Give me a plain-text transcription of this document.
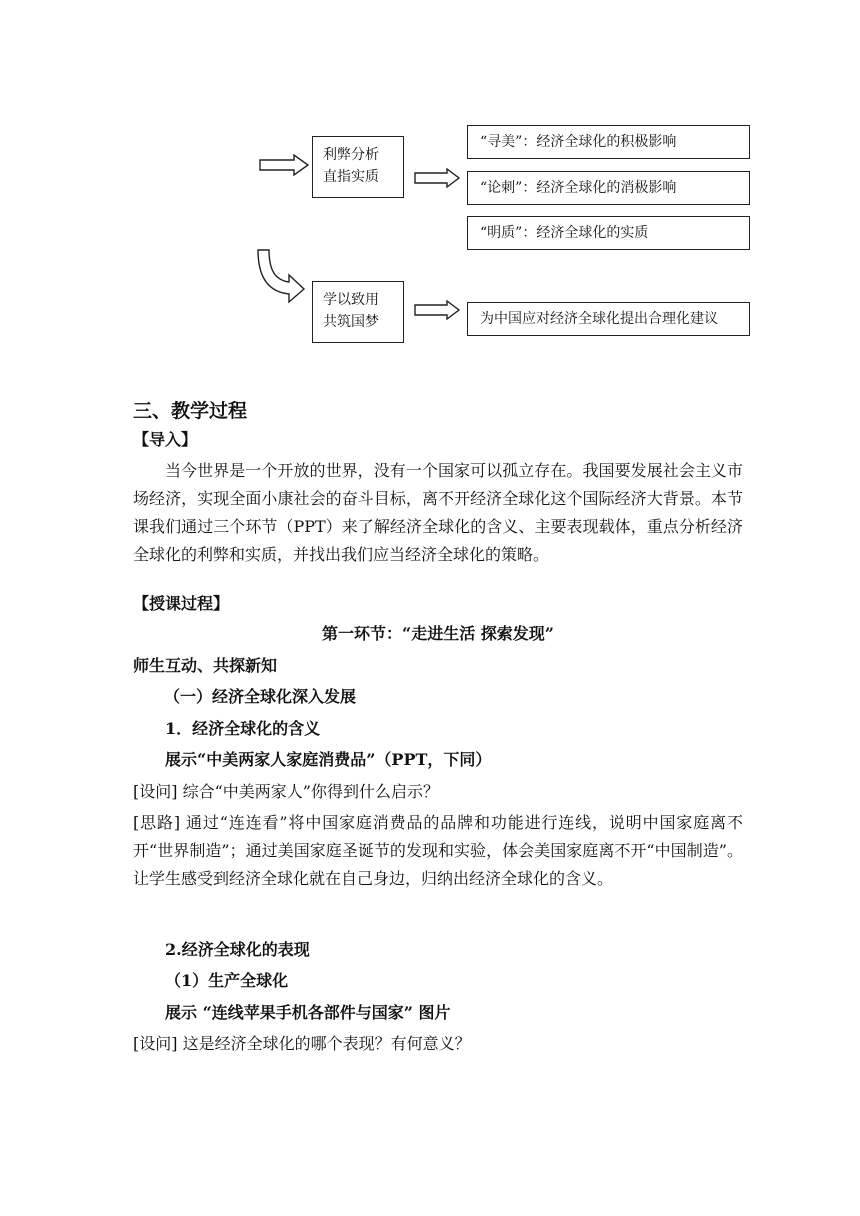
利弊分析
直指实质
“寻美”：经济全球化的积极影响
“论刺”：经济全球化的消极影响
“明质”：经济全球化的实质
学以致用
共筑国梦	为中国应对经济全球化提出合理化建议
三、教学过程
【导入】

当今世界是一个开放的世界，没有一个国家可以孤立存在。我国要发展社会主义市场经济，实现全面小康社会的奋斗目标，离不开经济全球化这个国际经济大背景。本节课我们通过三个环节（PPT）来了解经济全球化的含义、主要表现载体，重点分析经济全球化的利弊和实质，并找出我们应当经济全球化的策略。

【授课过程】
第一环节：“走进生活 探索发现”
师生互动、共探新知
（一）经济全球化深入发展
1．经济全球化的含义
展示“中美两家人家庭消费品”（PPT，下同）
[设问] 综合“中美两家人”你得到什么启示？

[思路] 通过“连连看”将中国家庭消费品的品牌和功能进行连线，说明中国家庭离不开“世界制造”；通过美国家庭圣诞节的发现和实验，体会美国家庭离不开“中国制造”。让学生感受到经济全球化就在自己身边，归纳出经济全球化的含义。

2.经济全球化的表现
（1）生产全球化
展示 “连线苹果手机各部件与国家” 图片
[设问] 这是经济全球化的哪个表现？有何意义？
